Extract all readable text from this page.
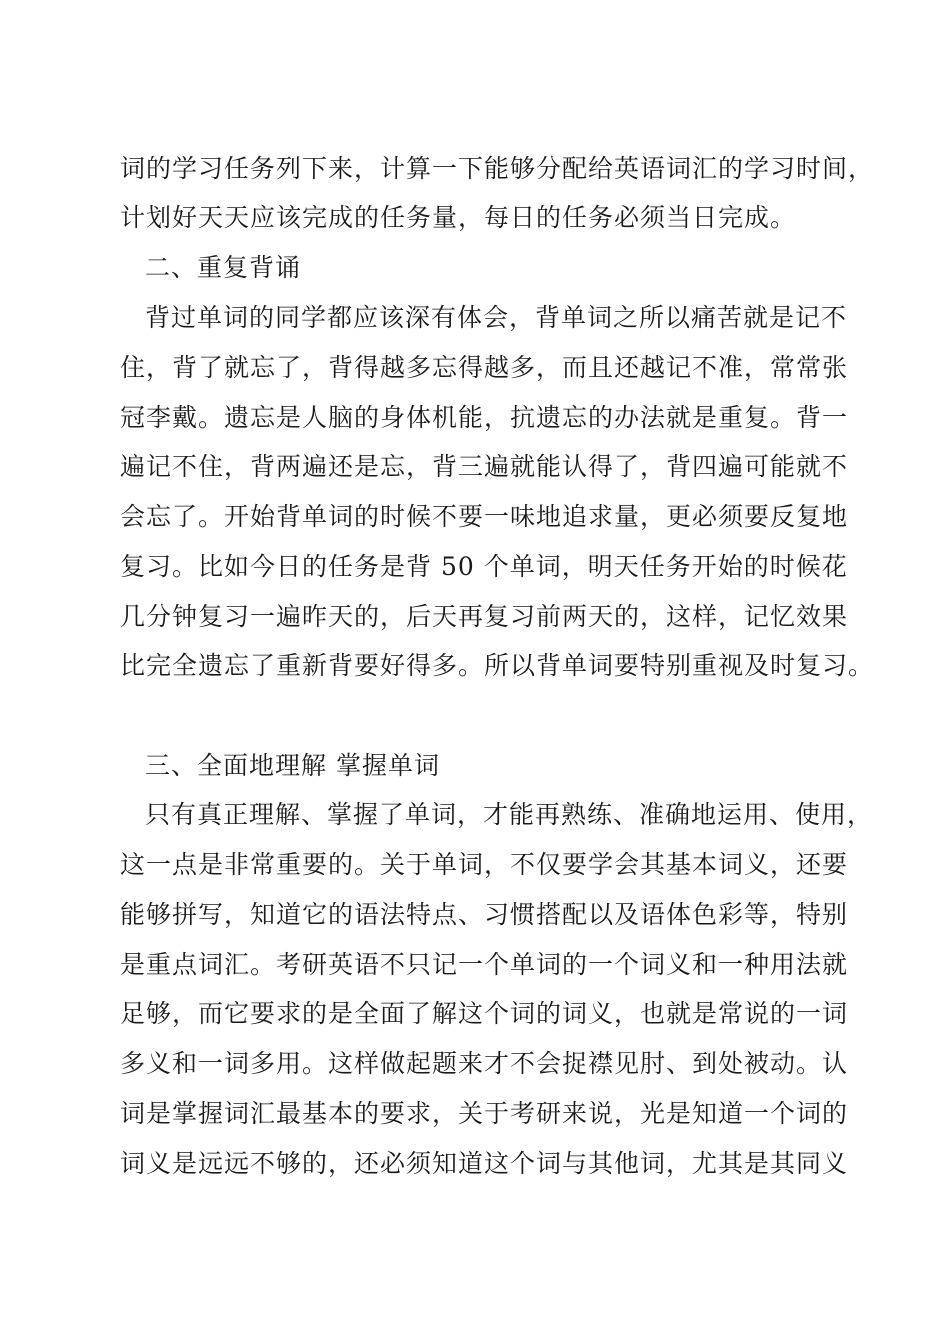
词的学习任务列下来，计算一下能够分配给英语词汇的学习时间，

计划好天天应该完成的任务量，每日的任务必须当日完成。

二、重复背诵

背过单词的同学都应该深有体会，背单词之所以痛苦就是记不

住，背了就忘了，背得越多忘得越多，而且还越记不准，常常张

冠李戴。遗忘是人脑的身体机能，抗遗忘的办法就是重复。背一

遍记不住，背两遍还是忘，背三遍就能认得了，背四遍可能就不

会忘了。开始背单词的时候不要一味地追求量，更必须要反复地

复习。比如今日的任务是背 50 个单词，明天任务开始的时候花

几分钟复习一遍昨天的，后天再复习前两天的，这样，记忆效果

比完全遗忘了重新背要好得多。所以背单词要特别重视及时复习。

三、全面地理解 掌握单词

只有真正理解、掌握了单词，才能再熟练、准确地运用、使用，

这一点是非常重要的。关于单词，不仅要学会其基本词义，还要

能够拼写，知道它的语法特点、习惯搭配以及语体色彩等，特别

是重点词汇。考研英语不只记一个单词的一个词义和一种用法就

足够，而它要求的是全面了解这个词的词义，也就是常说的一词

多义和一词多用。这样做起题来才不会捉襟见肘、到处被动。认

词是掌握词汇最基本的要求，关于考研来说，光是知道一个词的

词义是远远不够的，还必须知道这个词与其他词，尤其是其同义
